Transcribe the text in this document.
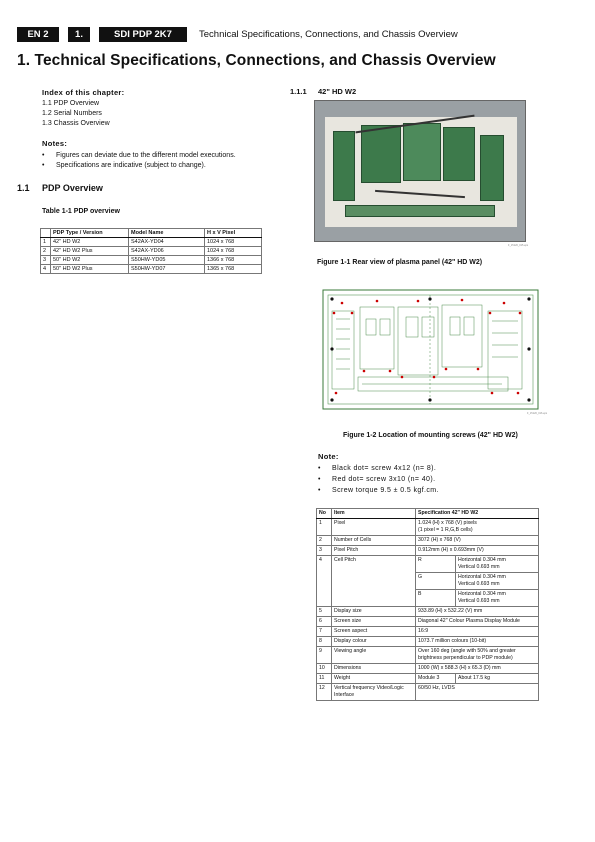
EN 2	1.	SDI PDP 2K7	Technical Specifications, Connections, and Chassis Overview
1. Technical Specifications, Connections, and Chassis Overview
Index of this chapter:
1.1 PDP Overview
1.2 Serial Numbers
1.3 Chassis Overview
Notes:
•	Figures can deviate due to the different model executions.
•	Specifications are indicative (subject to change).
1.1	PDP Overview
Table 1-1 PDP overview
	PDP Type / Version	Model Name	H x V Pixel
1	42" HD W2	S42AX-YD04	1024 x 768
2	42" HD W2 Plus	S42AX-YD06	1024 x 768
3	50" HD W2	S50HW-YD05	1366 x 768
4	50" HD W2 Plus	S50HW-YD07	1365 x 768
1.1.1 42" HD W2
F_15120_015.eps
Figure 1-1 Rear view of plasma panel (42" HD W2)
F_15120_016.eps
Figure 1-2 Location of mounting screws (42" HD W2)
Note:
•	Black dot= screw 4x12 (n= 8).
•	Red dot= screw 3x10 (n= 40).
•	Screw torque 9.5 ± 0.5 kgf.cm.
No	Item	Specification 42" HD W2	
1	Pixel	1.024 (H) x 768 (V) pixels
(1 pixel = 1 R,G,B cells)	

2	Number of Cells	3072 (H) x 768 (V)	
3	Pixel Pitch	0.912mm (H) x 0.693mm (V)	
4	Cell Pitch	R	Horizontal 0.304 mm
Vertical 0.693 mm

		G	Horizontal 0.304 mm
Vertical 0.693 mm

		B	Horizontal 0.304 mm
Vertical 0.693 mm

5	Display size	933.89 (H) x 532.22 (V) mm	
6	Screen size	Diagonal 42" Colour Plasma Display Module	
7	Screen aspect	16:9	
8	Display colour	1073.7 million colours (10-bit)	
9	Viewing angle	Over 160 deg (angle with 50% and greater
brightness perpendicular to PDP module)	

10	Dimensions	1000 (W) x 588.3 (H) x 65.3 (D) mm	
11	Weight	Module 3	About 17.5 kg
12	Vertical frequency Video/Logic Interface	60/50 Hz, LVDS	
